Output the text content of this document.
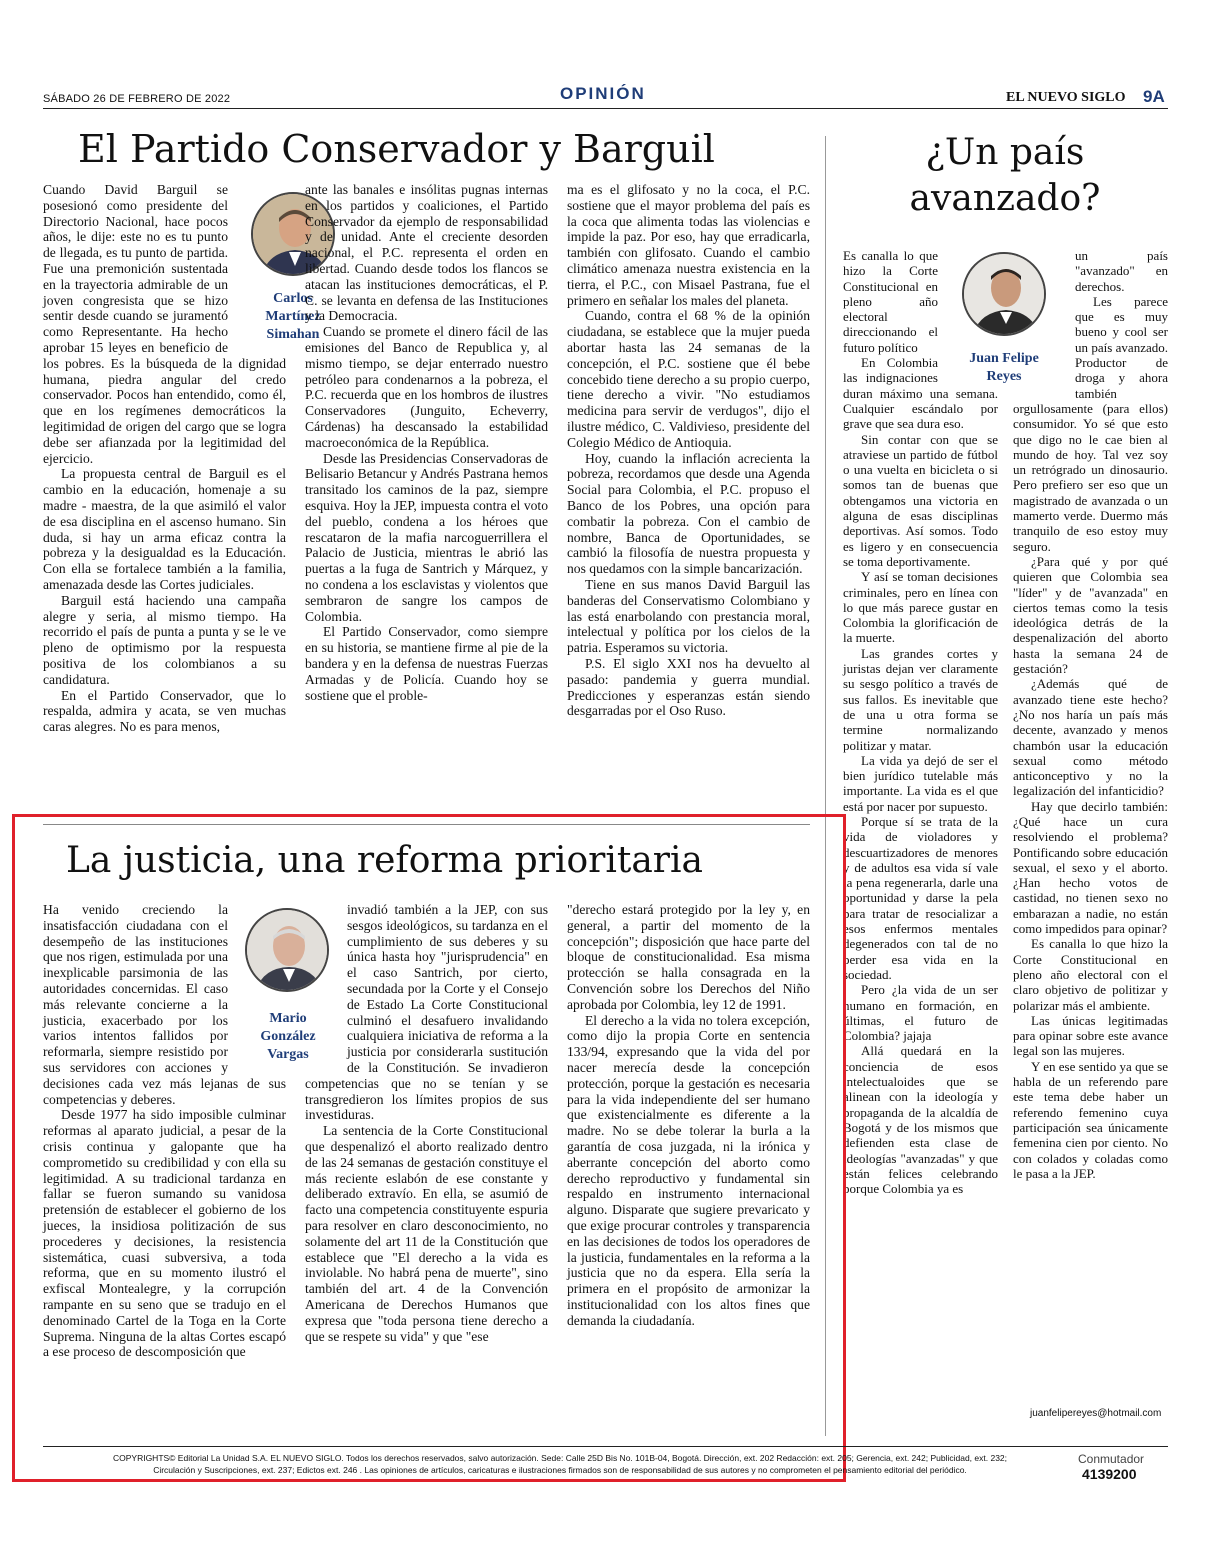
SÁBADO 26 DE FEBRERO DE 2022	OPINIÓN	EL NUEVO SIGLO 9A
El Partido Conservador y Barguil
Carlos Martínez Simahan

Cuando David Barguil se posesionó como presidente del Directorio Nacional, hace pocos años, le dije: este no es tu punto de llegada, es tu punto de partida. Fue una premonición sustentada en la trayectoria admirable de un joven congresista que se hizo sentir desde cuando se juramentó como Representante. Ha hecho aprobar 15 leyes en beneficio de los pobres. Es la búsqueda de la dignidad humana, piedra angular del credo conservador. Pocos han entendido, como él, que en los regímenes democráticos la legitimidad de origen del cargo que se logra debe ser afianzada por la legitimidad del ejercicio.

La propuesta central de Barguil es el cambio en la educación, homenaje a su madre - maestra, de la que asimiló el valor de esa disciplina en el ascenso humano. Sin duda, si hay un arma eficaz contra la pobreza y la desigualdad es la Educación. Con ella se fortalece también a la familia, amenazada desde las Cortes judiciales.

Barguil está haciendo una campaña alegre y seria, al mismo tiempo. Ha recorrido el país de punta a punta y se le ve pleno de optimismo por la respuesta positiva de los colombianos a su candidatura.

En el Partido Conservador, que lo respalda, admira y acata, se ven muchas caras alegres. No es para menos,

ante las banales e insólitas pugnas internas en los partidos y coaliciones, el Partido Conservador da ejemplo de responsabilidad y de unidad. Ante el creciente desorden nacional, el P.C. representa el orden en libertad. Cuando desde todos los flancos se atacan las instituciones democráticas, el P. C. se levanta en defensa de las Instituciones y la Democracia.

Cuando se promete el dinero fácil de las emisiones del Banco de Republica y, al mismo tiempo, se dejar enterrado nuestro petróleo para condenarnos a la pobreza, el P.C. recuerda que en los hombros de ilustres Conservadores (Junguito, Echeverry, Cárdenas) ha descansado la estabilidad macroeconómica de la República.

Desde las Presidencias Conservadoras de Belisario Betancur y Andrés Pastrana hemos transitado los caminos de la paz, siempre esquiva. Hoy la JEP, impuesta contra el voto del pueblo, condena a los héroes que rescataron de la mafia narcoguerrillera el Palacio de Justicia, mientras le abrió las puertas a la fuga de Santrich y Márquez, y no condena a los esclavistas y violentos que sembraron de sangre los campos de Colombia.

El Partido Conservador, como siempre en su historia, se mantiene firme al pie de la bandera y en la defensa de nuestras Fuerzas Armadas y de Policía. Cuando hoy se sostiene que el proble-

ma es el glifosato y no la coca, el P.C. sostiene que el mayor problema del país es la coca que alimenta todas las violencias e impide la paz. Por eso, hay que erradicarla, también con glifosato. Cuando el cambio climático amenaza nuestra existencia en la tierra, el P.C., con Misael Pastrana, fue el primero en señalar los males del planeta.

Cuando, contra el 68 % de la opinión ciudadana, se establece que la mujer pueda abortar hasta las 24 semanas de la concepción, el P.C. sostiene que él bebe concebido tiene derecho a su propio cuerpo, tiene derecho a vivir. "No estudiamos medicina para servir de verdugos", dijo el ilustre médico, C. Valdivieso, presidente del Colegio Médico de Antioquia.

Hoy, cuando la inflación acrecienta la pobreza, recordamos que desde una Agenda Social para Colombia, el P.C. propuso el Banco de los Pobres, una opción para combatir la pobreza. Con el cambio de nombre, Banca de Oportunidades, se cambió la filosofía de nuestra propuesta y nos quedamos con la simple bancarización.

Tiene en sus manos David Barguil las banderas del Conservatismo Colombiano y las está enarbolando con prestancia moral, intelectual y política por los cielos de la patria. Esperamos su victoria.

P.S. El siglo XXI nos ha devuelto al pasado: pandemia y guerra mundial. Predicciones y esperanzas están siendo desgarradas por el Oso Ruso.

¿Un país avanzado?
Juan Felipe Reyes

Es canalla lo que hizo la Corte Constitucional en pleno año electoral direccionando el futuro político

En Colombia las indignaciones duran máximo una semana. Cualquier escándalo por grave que sea dura eso.

Sin contar con que se atraviese un partido de fútbol o una vuelta en bicicleta o si somos tan de buenas que obtengamos una victoria en alguna de esas disciplinas deportivas. Así somos. Todo es ligero y en consecuencia se toma deportivamente.

Y así se toman decisiones criminales, pero en línea con lo que más parece gustar en Colombia la glorificación de la muerte.

Las grandes cortes y juristas dejan ver claramente su sesgo político a través de sus fallos. Es inevitable que de una u otra forma se termine normalizando politizar y matar.

La vida ya dejó de ser el bien jurídico tutelable más importante. La vida es el que está por nacer por supuesto.

Porque sí se trata de la vida de violadores y descuartizadores de menores y de adultos esa vida sí vale la pena regenerarla, darle una oportunidad y darse la pela para tratar de resocializar a esos enfermos mentales degenerados con tal de no perder esa vida en la sociedad.

Pero ¿la vida de un ser humano en formación, en últimas, el futuro de Colombia? jajaja

Allá quedará en la conciencia de esos intelectualoides que se alinean con la ideología y propaganda de la alcaldía de Bogotá y de los mismos que defienden esta clase de ideologías "avanzadas" y que están felices celebrando porque Colombia ya es

un país "avanzado" en derechos.

Les parece que es muy bueno y cool ser un país avanzado. Productor de droga y ahora también orgullosamente (para ellos) consumidor. Yo sé que esto que digo no le cae bien al mundo de hoy. Tal vez soy un retrógrado un dinosaurio. Pero prefiero ser eso que un magistrado de avanzada o un mamerto verde. Duermo más tranquilo de eso estoy muy seguro.

¿Para qué y por qué quieren que Colombia sea "líder" y de "avanzada" en ciertos temas como la tesis ideológica detrás de la despenalización del aborto hasta la semana 24 de gestación?

¿Además qué de avanzado tiene este hecho? ¿No nos haría un país más decente, avanzado y menos chambón usar la educación sexual como método anticonceptivo y no la legalización del infanticidio?

Hay que decirlo también: ¿Qué hace un cura resolviendo el problema? Pontificando sobre educación sexual, el sexo y el aborto. ¿Han hecho votos de castidad, no tienen sexo no embarazan a nadie, no están como impedidos para opinar?

Es canalla lo que hizo la Corte Constitucional en pleno año electoral con el claro objetivo de politizar y polarizar más el ambiente.

Las únicas legitimadas para opinar sobre este avance legal son las mujeres.

Y en ese sentido ya que se habla de un referendo pare este tema debe haber un referendo femenino cuya participación sea únicamente femenina cien por ciento. No con colados y coladas como le pasa a la JEP.

juanfelipereyes@hotmail.com
La justicia, una reforma prioritaria
Mario González Vargas

Ha venido creciendo la insatisfacción ciudadana con el desempeño de las instituciones que nos rigen, estimulada por una inexplicable parsimonia de las autoridades concernidas. El caso más relevante concierne a la justicia, exacerbado por los varios intentos fallidos por reformarla, siempre resistido por sus servidores con acciones y decisiones cada vez más lejanas de sus competencias y deberes.

Desde 1977 ha sido imposible culminar reformas al aparato judicial, a pesar de la crisis continua y galopante que ha comprometido su credibilidad y con ella su legitimidad. A su tradicional tardanza en fallar se fueron sumando su vanidosa pretensión de establecer el gobierno de los jueces, la insidiosa politización de sus procederes y decisiones, la resistencia sistemática, cuasi subversiva, a toda reforma, que en su momento ilustró el exfiscal Montealegre, y la corrupción rampante en su seno que se tradujo en el denominado Cartel de la Toga en la Corte Suprema. Ninguna de la altas Cortes escapó a ese proceso de descomposición que

invadió también a la JEP, con sus sesgos ideológicos, su tardanza en el cumplimiento de sus deberes y su única hasta hoy "jurisprudencia" en el caso Santrich, por cierto, secundada por la Corte y el Consejo de Estado La Corte Constitucional culminó el desafuero invalidando cualquiera iniciativa de reforma a la justicia por considerarla sustitución de la Constitución. Se invadieron competencias que no se tenían y se transgredieron los límites propios de sus investiduras.

La sentencia de la Corte Constitucional que despenalizó el aborto realizado dentro de las 24 semanas de gestación constituye el más reciente eslabón de ese constante y deliberado extravío. En ella, se asumió de facto una competencia constituyente espuria para resolver en claro desconocimiento, no solamente del art 11 de la Constitución que establece que "El derecho a la vida es inviolable. No habrá pena de muerte", sino también del art. 4 de la Convención Americana de Derechos Humanos que expresa que "toda persona tiene derecho a que se respete su vida" y que "ese

"derecho estará protegido por la ley y, en general, a partir del momento de la concepción"; disposición que hace parte del bloque de constitucionalidad. Esa misma protección se halla consagrada en la Convención sobre los Derechos del Niño aprobada por Colombia, ley 12 de 1991.

El derecho a la vida no tolera excepción, como dijo la propia Corte en sentencia 133/94, expresando que la vida del por nacer merecía desde la concepción protección, porque la gestación es necesaria para la vida independiente del ser humano que existencialmente es diferente a la madre. No se debe tolerar la burla a la garantía de cosa juzgada, ni la irónica y aberrante concepción del aborto como derecho reproductivo y fundamental sin respaldo en instrumento internacional alguno. Disparate que sugiere prevaricato y que exige procurar controles y transparencia en las decisiones de todos los operadores de la justicia, fundamentales en la reforma a la justicia que no da espera. Ella sería la primera en el propósito de armonizar la institucionalidad con los altos fines que demanda la ciudadanía.

COPYRIGHTS© Editorial La Unidad S.A. EL NUEVO SIGLO. Todos los derechos reservados, salvo autorización. Sede: Calle 25D Bis No. 101B-04, Bogotá. Dirección, ext. 202 Redacción: ext. 205; Gerencia, ext. 242; Publicidad, ext. 232;
Circulación y Suscripciones, ext. 237; Edictos ext. 246 . Las opiniones de artículos, caricaturas e ilustraciones firmados son de responsabilidad de sus autores y no comprometen el pensamiento editorial del periódico.
Conmutador
4139200
